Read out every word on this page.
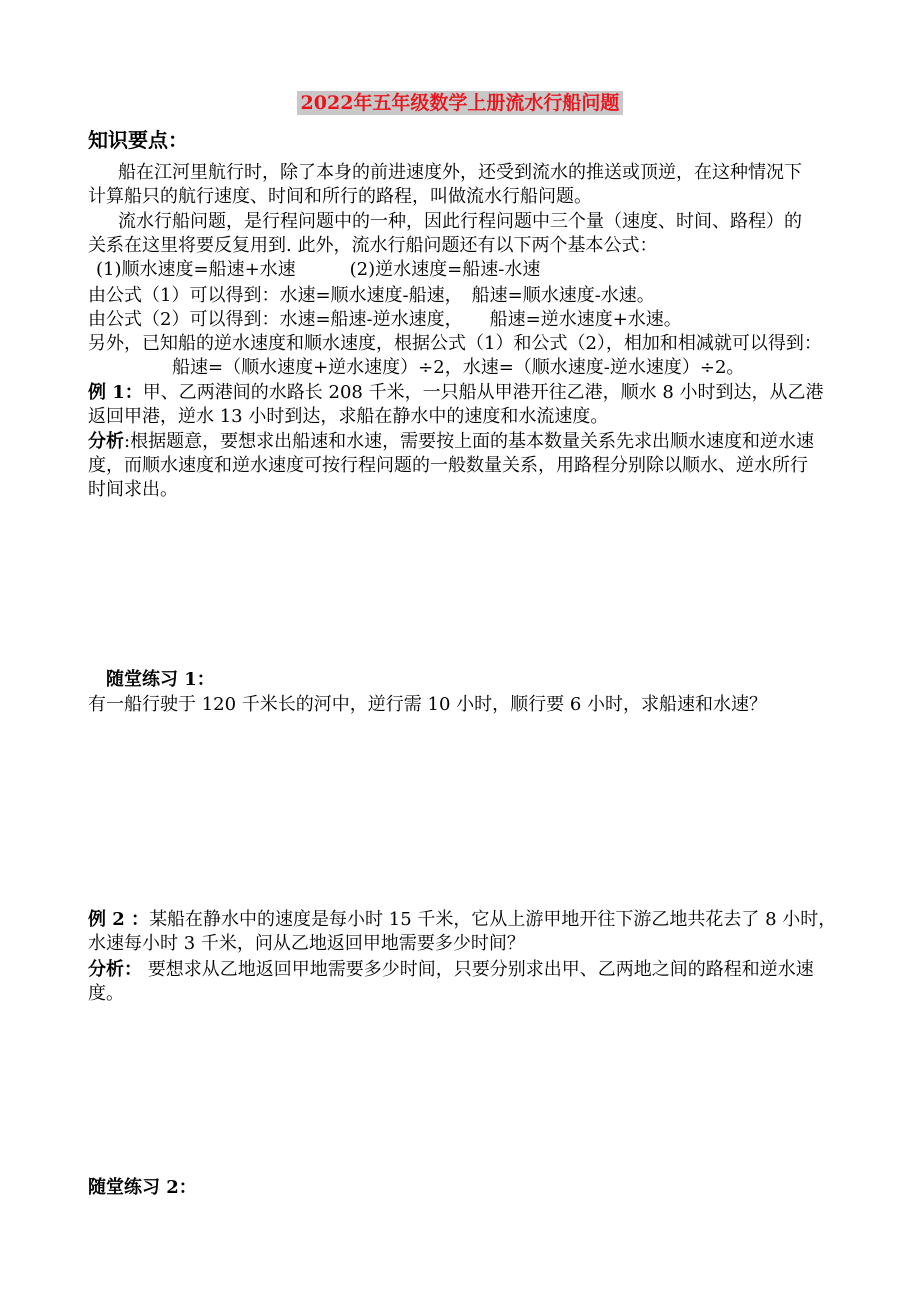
2022年五年级数学上册流水行船问题
知识要点：
船在江河里航行时，除了本身的前进速度外，还受到流水的推送或顶逆，在这种情况下
计算船只的航行速度、时间和所行的路程，叫做流水行船问题。
流水行船问题，是行程问题中的一种，因此行程问题中三个量（速度、时间、路程）的
关系在这里将要反复用到. 此外，流水行船问题还有以下两个基本公式：
(1)顺水速度=船速+水速　　　(2)逆水速度=船速-水速
由公式（1）可以得到：水速=顺水速度-船速，　船速=顺水速度-水速。
由公式（2）可以得到：水速=船速-逆水速度，　　船速=逆水速度+水速。
另外，已知船的逆水速度和顺水速度，根据公式（1）和公式（2），相加和相减就可以得到：
船速=（顺水速度+逆水速度）÷2，水速=（顺水速度-逆水速度）÷2。
例 1：甲、乙两港间的水路长 208 千米，一只船从甲港开往乙港，顺水 8 小时到达，从乙港
返回甲港，逆水 13 小时到达，求船在静水中的速度和水流速度。
分析:根据题意，要想求出船速和水速，需要按上面的基本数量关系先求出顺水速度和逆水速
度，而顺水速度和逆水速度可按行程问题的一般数量关系，用路程分别除以顺水、逆水所行
时间求出。
随堂练习 1：
有一船行驶于 120 千米长的河中，逆行需 10 小时，顺行要 6 小时，求船速和水速？
例 2 ：某船在静水中的速度是每小时 15 千米，它从上游甲地开往下游乙地共花去了 8 小时，
水速每小时 3 千米，问从乙地返回甲地需要多少时间？
分析： 要想求从乙地返回甲地需要多少时间，只要分别求出甲、乙两地之间的路程和逆水速
度。
随堂练习 2：
